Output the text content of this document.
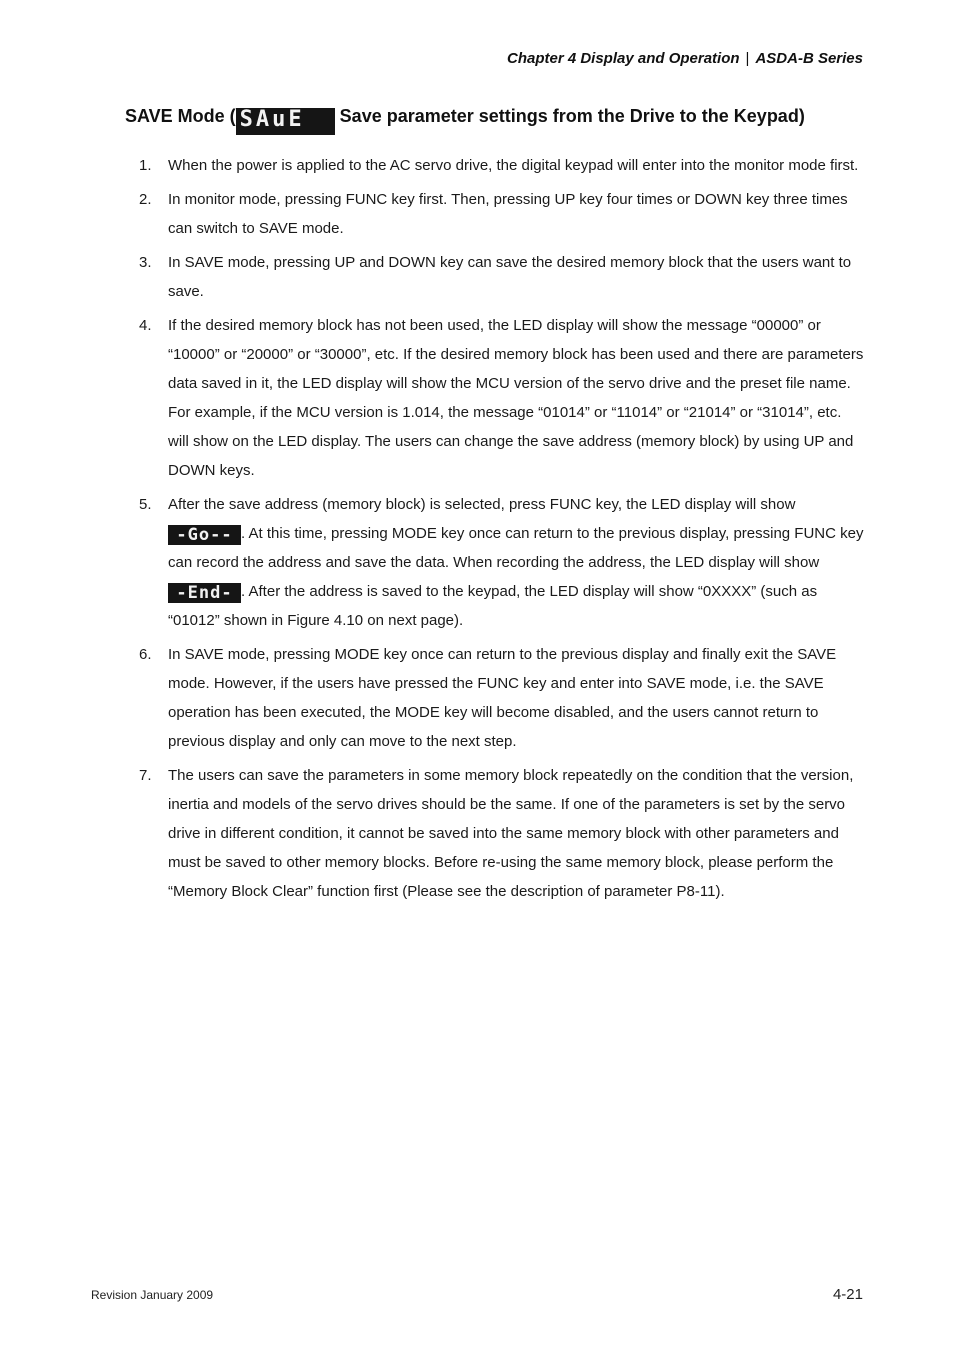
Chapter 4 Display and Operation | ASDA-B Series
SAVE Mode ( SAuE Save parameter settings from the Drive to the Keypad)
1. When the power is applied to the AC servo drive, the digital keypad will enter into the monitor mode first.
2. In monitor mode, pressing FUNC key first. Then, pressing UP key four times or DOWN key three times can switch to SAVE mode.
3. In SAVE mode, pressing UP and DOWN key can save the desired memory block that the users want to save.
4. If the desired memory block has not been used, the LED display will show the message “00000” or “10000” or “20000” or “30000”, etc. If the desired memory block has been used and there are parameters data saved in it, the LED display will show the MCU version of the servo drive and the preset file name. For example, if the MCU version is 1.014, the message “01014” or “11014” or “21014” or “31014”, etc. will show on the LED display. The users can change the save address (memory block) by using UP and DOWN keys.
5. After the save address (memory block) is selected, press FUNC key, the LED display will show -Go-- . At this time, pressing MODE key once can return to the previous display, pressing FUNC key can record the address and save the data. When recording the address, the LED display will show -End- . After the address is saved to the keypad, the LED display will show “0XXXX” (such as “01012” shown in Figure 4.10 on next page).
6. In SAVE mode, pressing MODE key once can return to the previous display and finally exit the SAVE mode. However, if the users have pressed the FUNC key and enter into SAVE mode, i.e. the SAVE operation has been executed, the MODE key will become disabled, and the users cannot return to previous display and only can move to the next step.
7. The users can save the parameters in some memory block repeatedly on the condition that the version, inertia and models of the servo drives should be the same. If one of the parameters is set by the servo drive in different condition, it cannot be saved into the same memory block with other parameters and must be saved to other memory blocks. Before re-using the same memory block, please perform the “Memory Block Clear” function first (Please see the description of parameter P8-11).
Revision January 2009	4-21
